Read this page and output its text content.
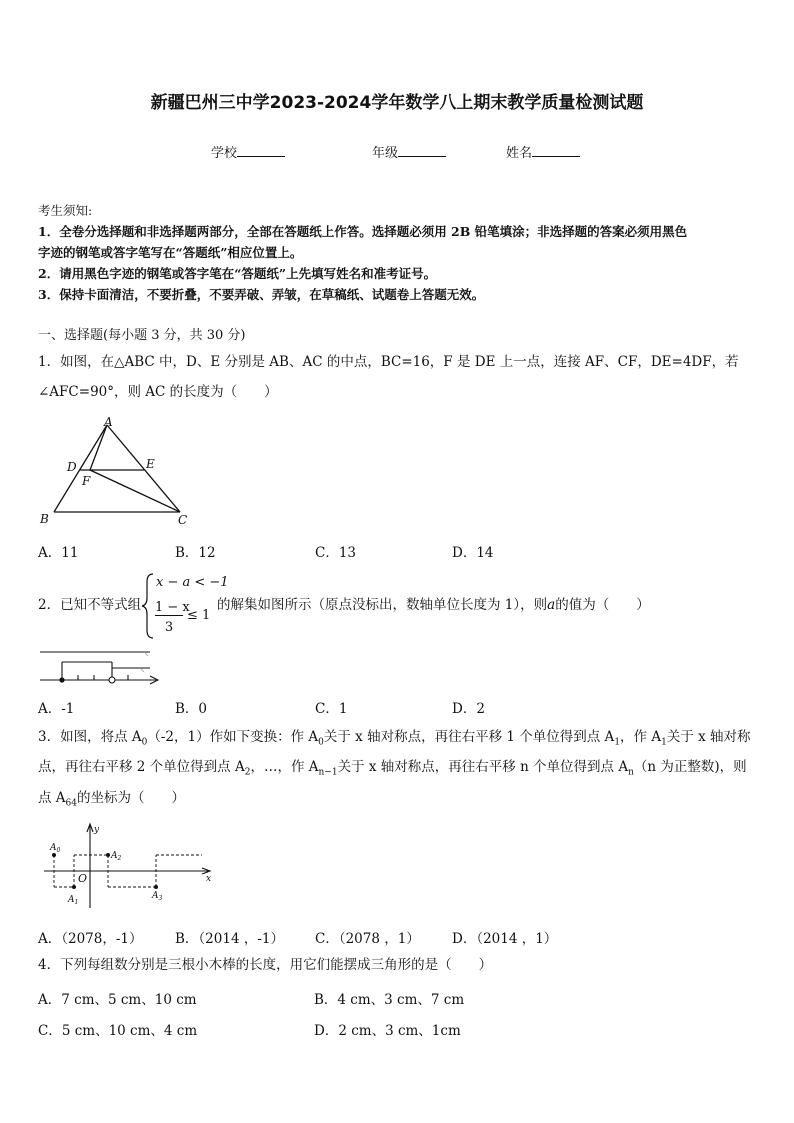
新疆巴州三中学2023-2024学年数学八上期末教学质量检测试题
学校	年级	姓名
考生须知:
1．全卷分选择题和非选择题两部分，全部在答题纸上作答。选择题必须用 2B 铅笔填涂；非选择题的答案必须用黑色
字迹的钢笔或答字笔写在“答题纸”相应位置上。
2．请用黑色字迹的钢笔或答字笔在“答题纸”上先填写姓名和准考证号。
3．保持卡面清洁，不要折叠，不要弄破、弄皱，在草稿纸、试题卷上答题无效。
一、选择题(每小题 3 分，共 30 分)
1．如图，在△ABC 中，D、E 分别是 AB、AC 的中点，BC=16，F 是 DE 上一点，连接 AF、CF，DE=4DF，若
∠AFC=90°，则 AC 的长度为（　　）
A
B	C
D	E
F
A．11	B．12	C．13	D．14
2．已知不等式组
x − a < −1
1 − x
3
≤ 1
的解集如图所示（原点没标出，数轴单位长度为 1），则a的值为（　　）
A．-1	B．0	C．1	D．2
3．如图，将点 $A_0(-2$，1）作如下变换：作 $A_0$关于 x 轴对称点，再往右平移 1 个单位得到点 $A_1$，作 $A_1$关于 x 轴对称
点，再往右平移 2 个单位得到点 $A_2$，…，作 $A_{n-1}$关于 x 轴对称点，再往右平移 n 个单位得到点 $A_n(n$ 为正整数)，则
点 $A_{64}$的坐标为（　　）
y
x
O
$A_0$
$A_1$
$A_2$
$A_3$
A．（2078，-1） B．（2014 ，-1） C．（2078 ，1） D．（2014 ，1）
4．下列每组数分别是三根小木棒的长度，用它们能摆成三角形的是（　　）
A．7 cm、5 cm、10 cm	B．4 cm、3 cm、7 cm
C．5 cm、10 cm、4 cm	D．2 cm、3 cm、1cm
